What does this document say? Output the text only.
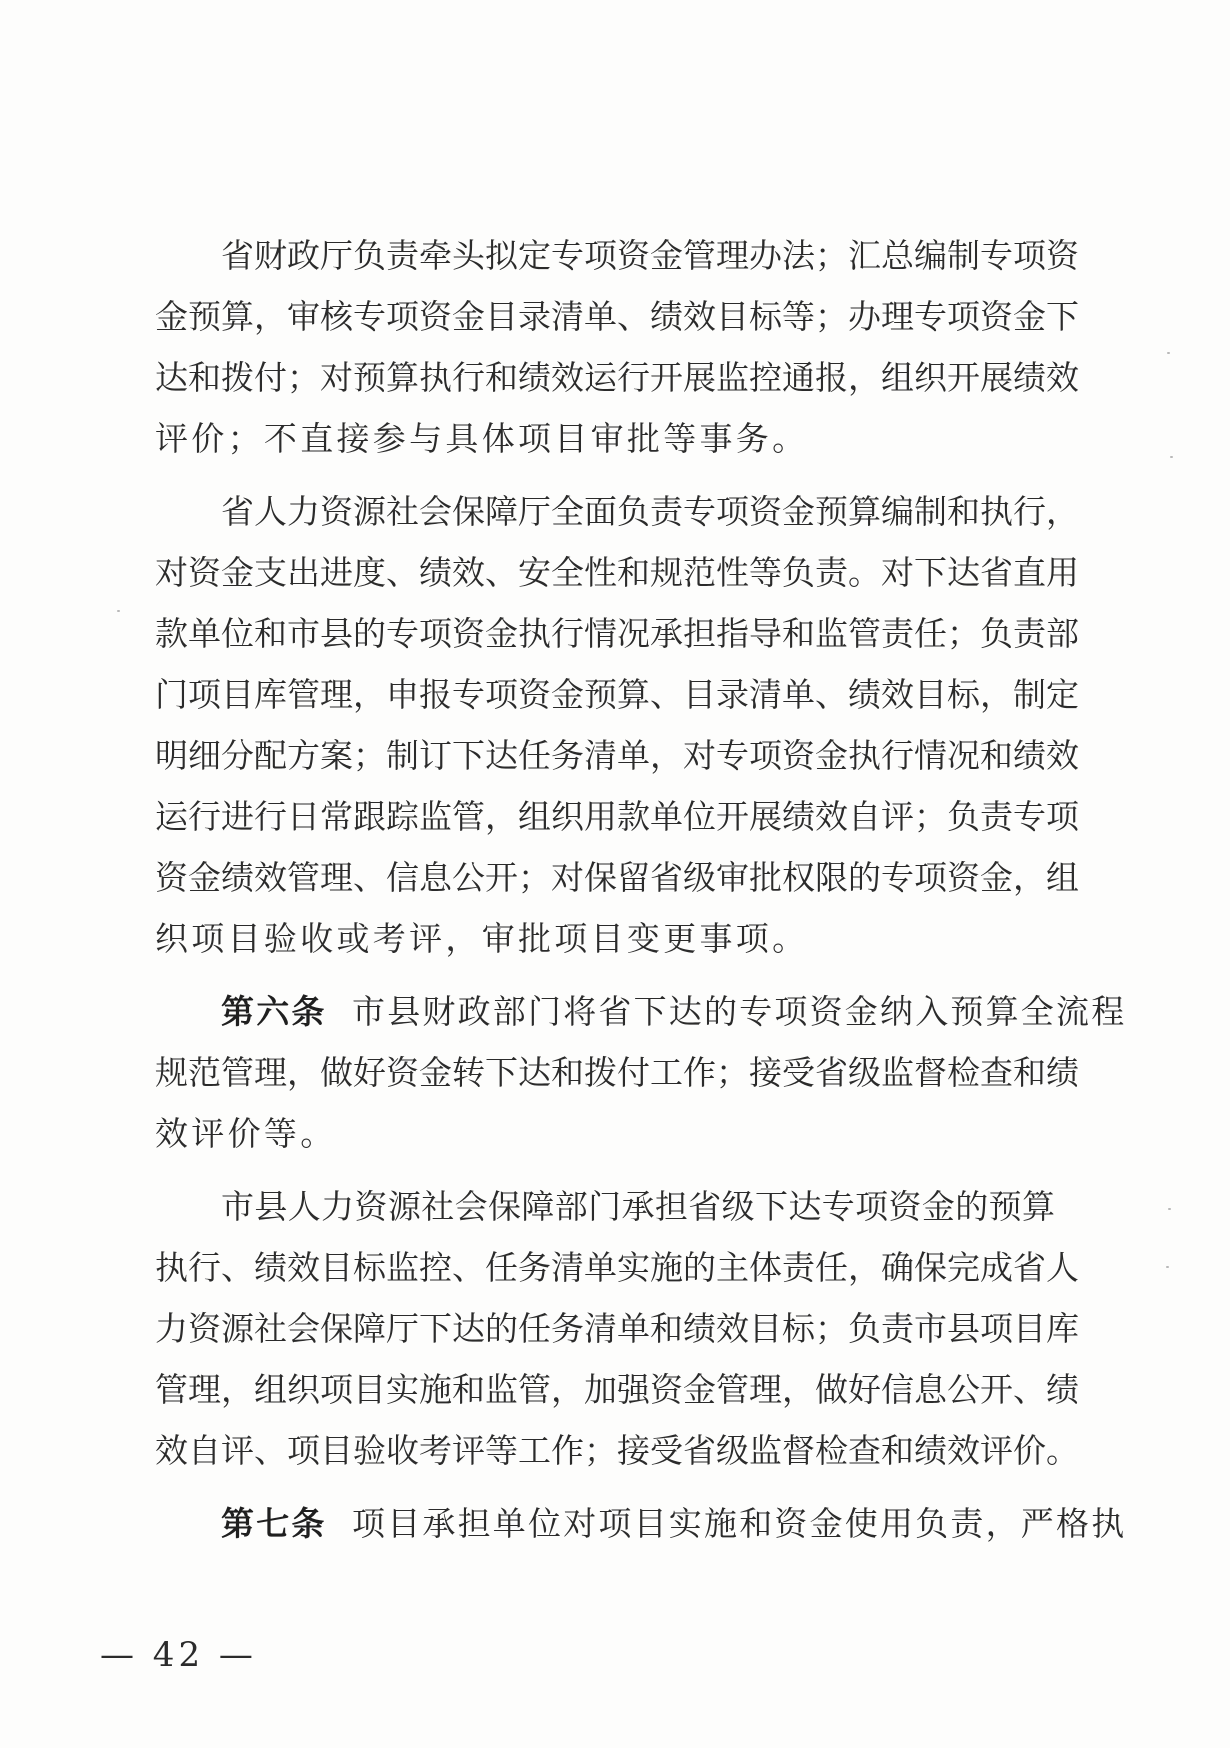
省财政厅负责牵头拟定专项资金管理办法；汇总编制专项资
金预算，审核专项资金目录清单、绩效目标等；办理专项资金下
达和拨付；对预算执行和绩效运行开展监控通报，组织开展绩效
评价；不直接参与具体项目审批等事务。
省人力资源社会保障厅全面负责专项资金预算编制和执行，
对资金支出进度、绩效、安全性和规范性等负责。对下达省直用
款单位和市县的专项资金执行情况承担指导和监管责任；负责部
门项目库管理，申报专项资金预算、目录清单、绩效目标，制定
明细分配方案；制订下达任务清单，对专项资金执行情况和绩效
运行进行日常跟踪监管，组织用款单位开展绩效自评；负责专项
资金绩效管理、信息公开；对保留省级审批权限的专项资金，组
织项目验收或考评，审批项目变更事项。
第六条 市县财政部门将省下达的专项资金纳入预算全流程
规范管理，做好资金转下达和拨付工作；接受省级监督检查和绩
效评价等。
市县人力资源社会保障部门承担省级下达专项资金的预算
执行、绩效目标监控、任务清单实施的主体责任，确保完成省人
力资源社会保障厅下达的任务清单和绩效目标；负责市县项目库
管理，组织项目实施和监管，加强资金管理，做好信息公开、绩
效自评、项目验收考评等工作；接受省级监督检查和绩效评价。
第七条 项目承担单位对项目实施和资金使用负责，严格执
— 42 —
